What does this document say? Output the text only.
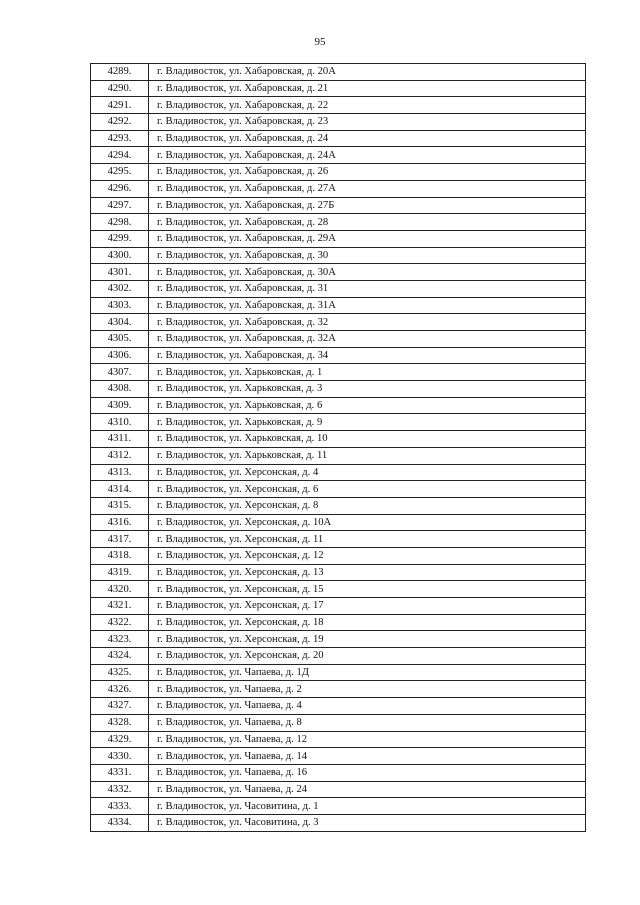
95
4289.	г. Владивосток, ул. Хабаровская, д. 20А
4290.	г. Владивосток, ул. Хабаровская, д. 21
4291.	г. Владивосток, ул. Хабаровская, д. 22
4292.	г. Владивосток, ул. Хабаровская, д. 23
4293.	г. Владивосток, ул. Хабаровская, д. 24
4294.	г. Владивосток, ул. Хабаровская, д. 24А
4295.	г. Владивосток, ул. Хабаровская, д. 26
4296.	г. Владивосток, ул. Хабаровская, д. 27А
4297.	г. Владивосток, ул. Хабаровская, д. 27Б
4298.	г. Владивосток, ул. Хабаровская, д. 28
4299.	г. Владивосток, ул. Хабаровская, д. 29А
4300.	г. Владивосток, ул. Хабаровская, д. 30
4301.	г. Владивосток, ул. Хабаровская, д. 30А
4302.	г. Владивосток, ул. Хабаровская, д. 31
4303.	г. Владивосток, ул. Хабаровская, д. 31А
4304.	г. Владивосток, ул. Хабаровская, д. 32
4305.	г. Владивосток, ул. Хабаровская, д. 32А
4306.	г. Владивосток, ул. Хабаровская, д. 34
4307.	г. Владивосток, ул. Харьковская, д. 1
4308.	г. Владивосток, ул. Харьковская, д. 3
4309.	г. Владивосток, ул. Харьковская, д. 6
4310.	г. Владивосток, ул. Харьковская, д. 9
4311.	г. Владивосток, ул. Харьковская, д. 10
4312.	г. Владивосток, ул. Харьковская, д. 11
4313.	г. Владивосток, ул. Херсонская, д. 4
4314.	г. Владивосток, ул. Херсонская, д. 6
4315.	г. Владивосток, ул. Херсонская, д. 8
4316.	г. Владивосток, ул. Херсонская, д. 10А
4317.	г. Владивосток, ул. Херсонская, д. 11
4318.	г. Владивосток, ул. Херсонская, д. 12
4319.	г. Владивосток, ул. Херсонская, д. 13
4320.	г. Владивосток, ул. Херсонская, д. 15
4321.	г. Владивосток, ул. Херсонская, д. 17
4322.	г. Владивосток, ул. Херсонская, д. 18
4323.	г. Владивосток, ул. Херсонская, д. 19
4324.	г. Владивосток, ул. Херсонская, д. 20
4325.	г. Владивосток, ул. Чапаева, д. 1Д
4326.	г. Владивосток, ул. Чапаева, д. 2
4327.	г. Владивосток, ул. Чапаева, д. 4
4328.	г. Владивосток, ул. Чапаева, д. 8
4329.	г. Владивосток, ул. Чапаева, д. 12
4330.	г. Владивосток, ул. Чапаева, д. 14
4331.	г. Владивосток, ул. Чапаева, д. 16
4332.	г. Владивосток, ул. Чапаева, д. 24
4333.	г. Владивосток, ул. Часовитина, д. 1
4334.	г. Владивосток, ул. Часовитина, д. 3
